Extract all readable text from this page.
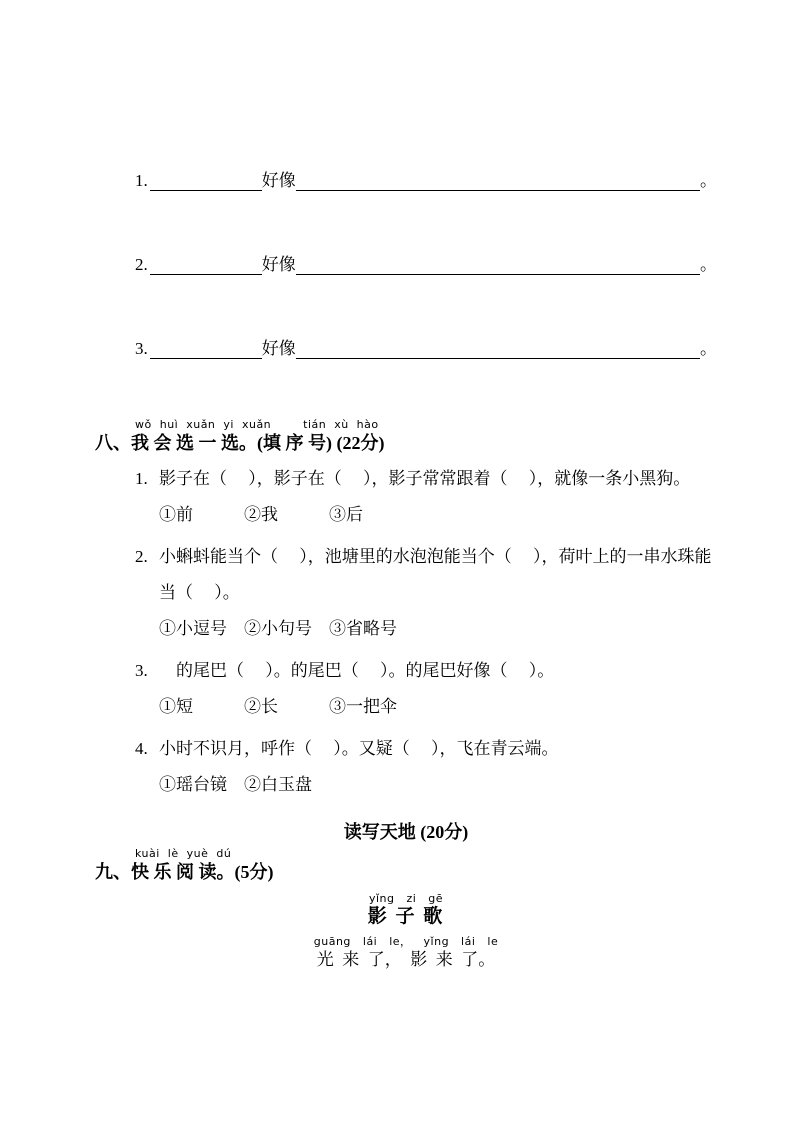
1.	好像	。
2.	好像	。
3.	好像	。
wǒ  huì  xuǎn  yi  xuǎn        tián  xù  hào
八、我 会 选 一 选。(填 序 号) (22分)
1. 影子在（　 ），影子在（ 　），影子常常跟着（ 　），就像一条小黑狗。
①前　　　②我　　　③后
2. 小蝌蚪能当个（ 　），池塘里的水泡泡能当个（ 　），荷叶上的一串水珠能当（ 　）。
①小逗号　②小句号　③省略号
3. 　的尾巴（ 　）。的尾巴（ 　）。的尾巴好像（ 　）。
①短　　　②长　　　③一把伞
4. 小时不识月，呼作（ 　）。又疑（ 　），飞在青云端。
①瑶台镜　②白玉盘
读写天地 (20分)
kuài  lè  yuè  dú
九、快 乐 阅 读。(5分)
yǐng   zi   gē
影 子 歌
guāng   lái   le，   yǐng   lái   le
光  来  了，  影  来  了。
